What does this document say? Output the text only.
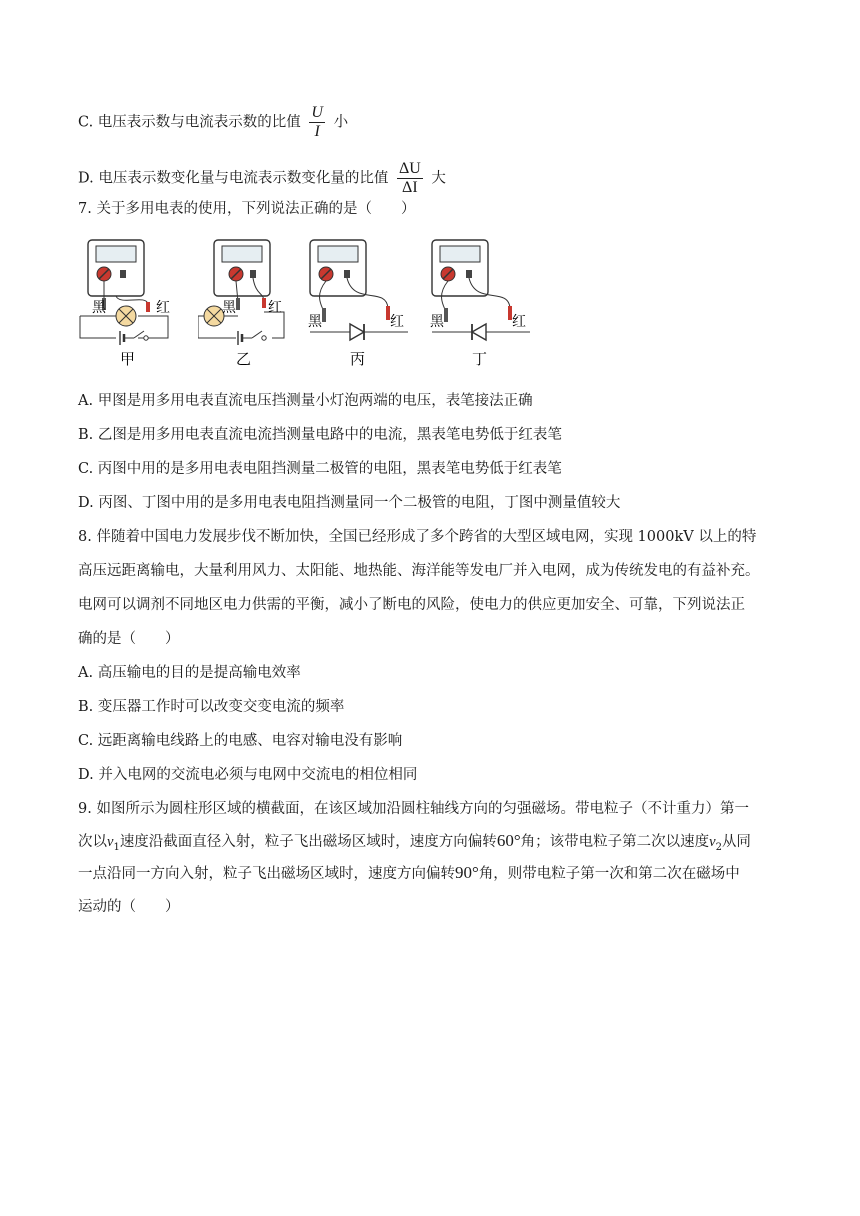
C. 电压表示数与电流表示数的比值 $\frac{U}{I}$ 小
D. 电压表示数变化量与电流表示数变化量的比值 $\frac{\Delta U}{\Delta I}$ 大
7. 关于多用电表的使用，下列说法正确的是（　　）
黑	红
甲
黑 红
乙
黑	红
丙
黑	红
丁
A. 甲图是用多用电表直流电压挡测量小灯泡两端的电压，表笔接法正确
B. 乙图是用多用电表直流电流挡测量电路中的电流，黑表笔电势低于红表笔
C. 丙图中用的是多用电表电阻挡测量二极管的电阻，黑表笔电势低于红表笔
D. 丙图、丁图中用的是多用电表电阻挡测量同一个二极管的电阻，丁图中测量值较大
8. 伴随着中国电力发展步伐不断加快，全国已经形成了多个跨省的大型区域电网，实现 1000kV 以上的特
高压远距离输电，大量利用风力、太阳能、地热能、海洋能等发电厂并入电网，成为传统发电的有益补充。
电网可以调剂不同地区电力供需的平衡，减小了断电的风险，使电力的供应更加安全、可靠，下列说法正
确的是（　　）
A. 高压输电的目的是提高输电效率
B. 变压器工作时可以改变交变电流的频率
C. 远距离输电线路上的电感、电容对输电没有影响
D. 并入电网的交流电必须与电网中交流电的相位相同
9. 如图所示为圆柱形区域的横截面，在该区域加沿圆柱轴线方向的匀强磁场。带电粒子（不计重力）第一
次以$v_1$速度沿截面直径入射，粒子飞出磁场区域时，速度方向偏转60°角；该带电粒子第二次以速度$v_2$从同
一点沿同一方向入射，粒子飞出磁场区域时，速度方向偏转90°角，则带电粒子第一次和第二次在磁场中
运动的（　　）
